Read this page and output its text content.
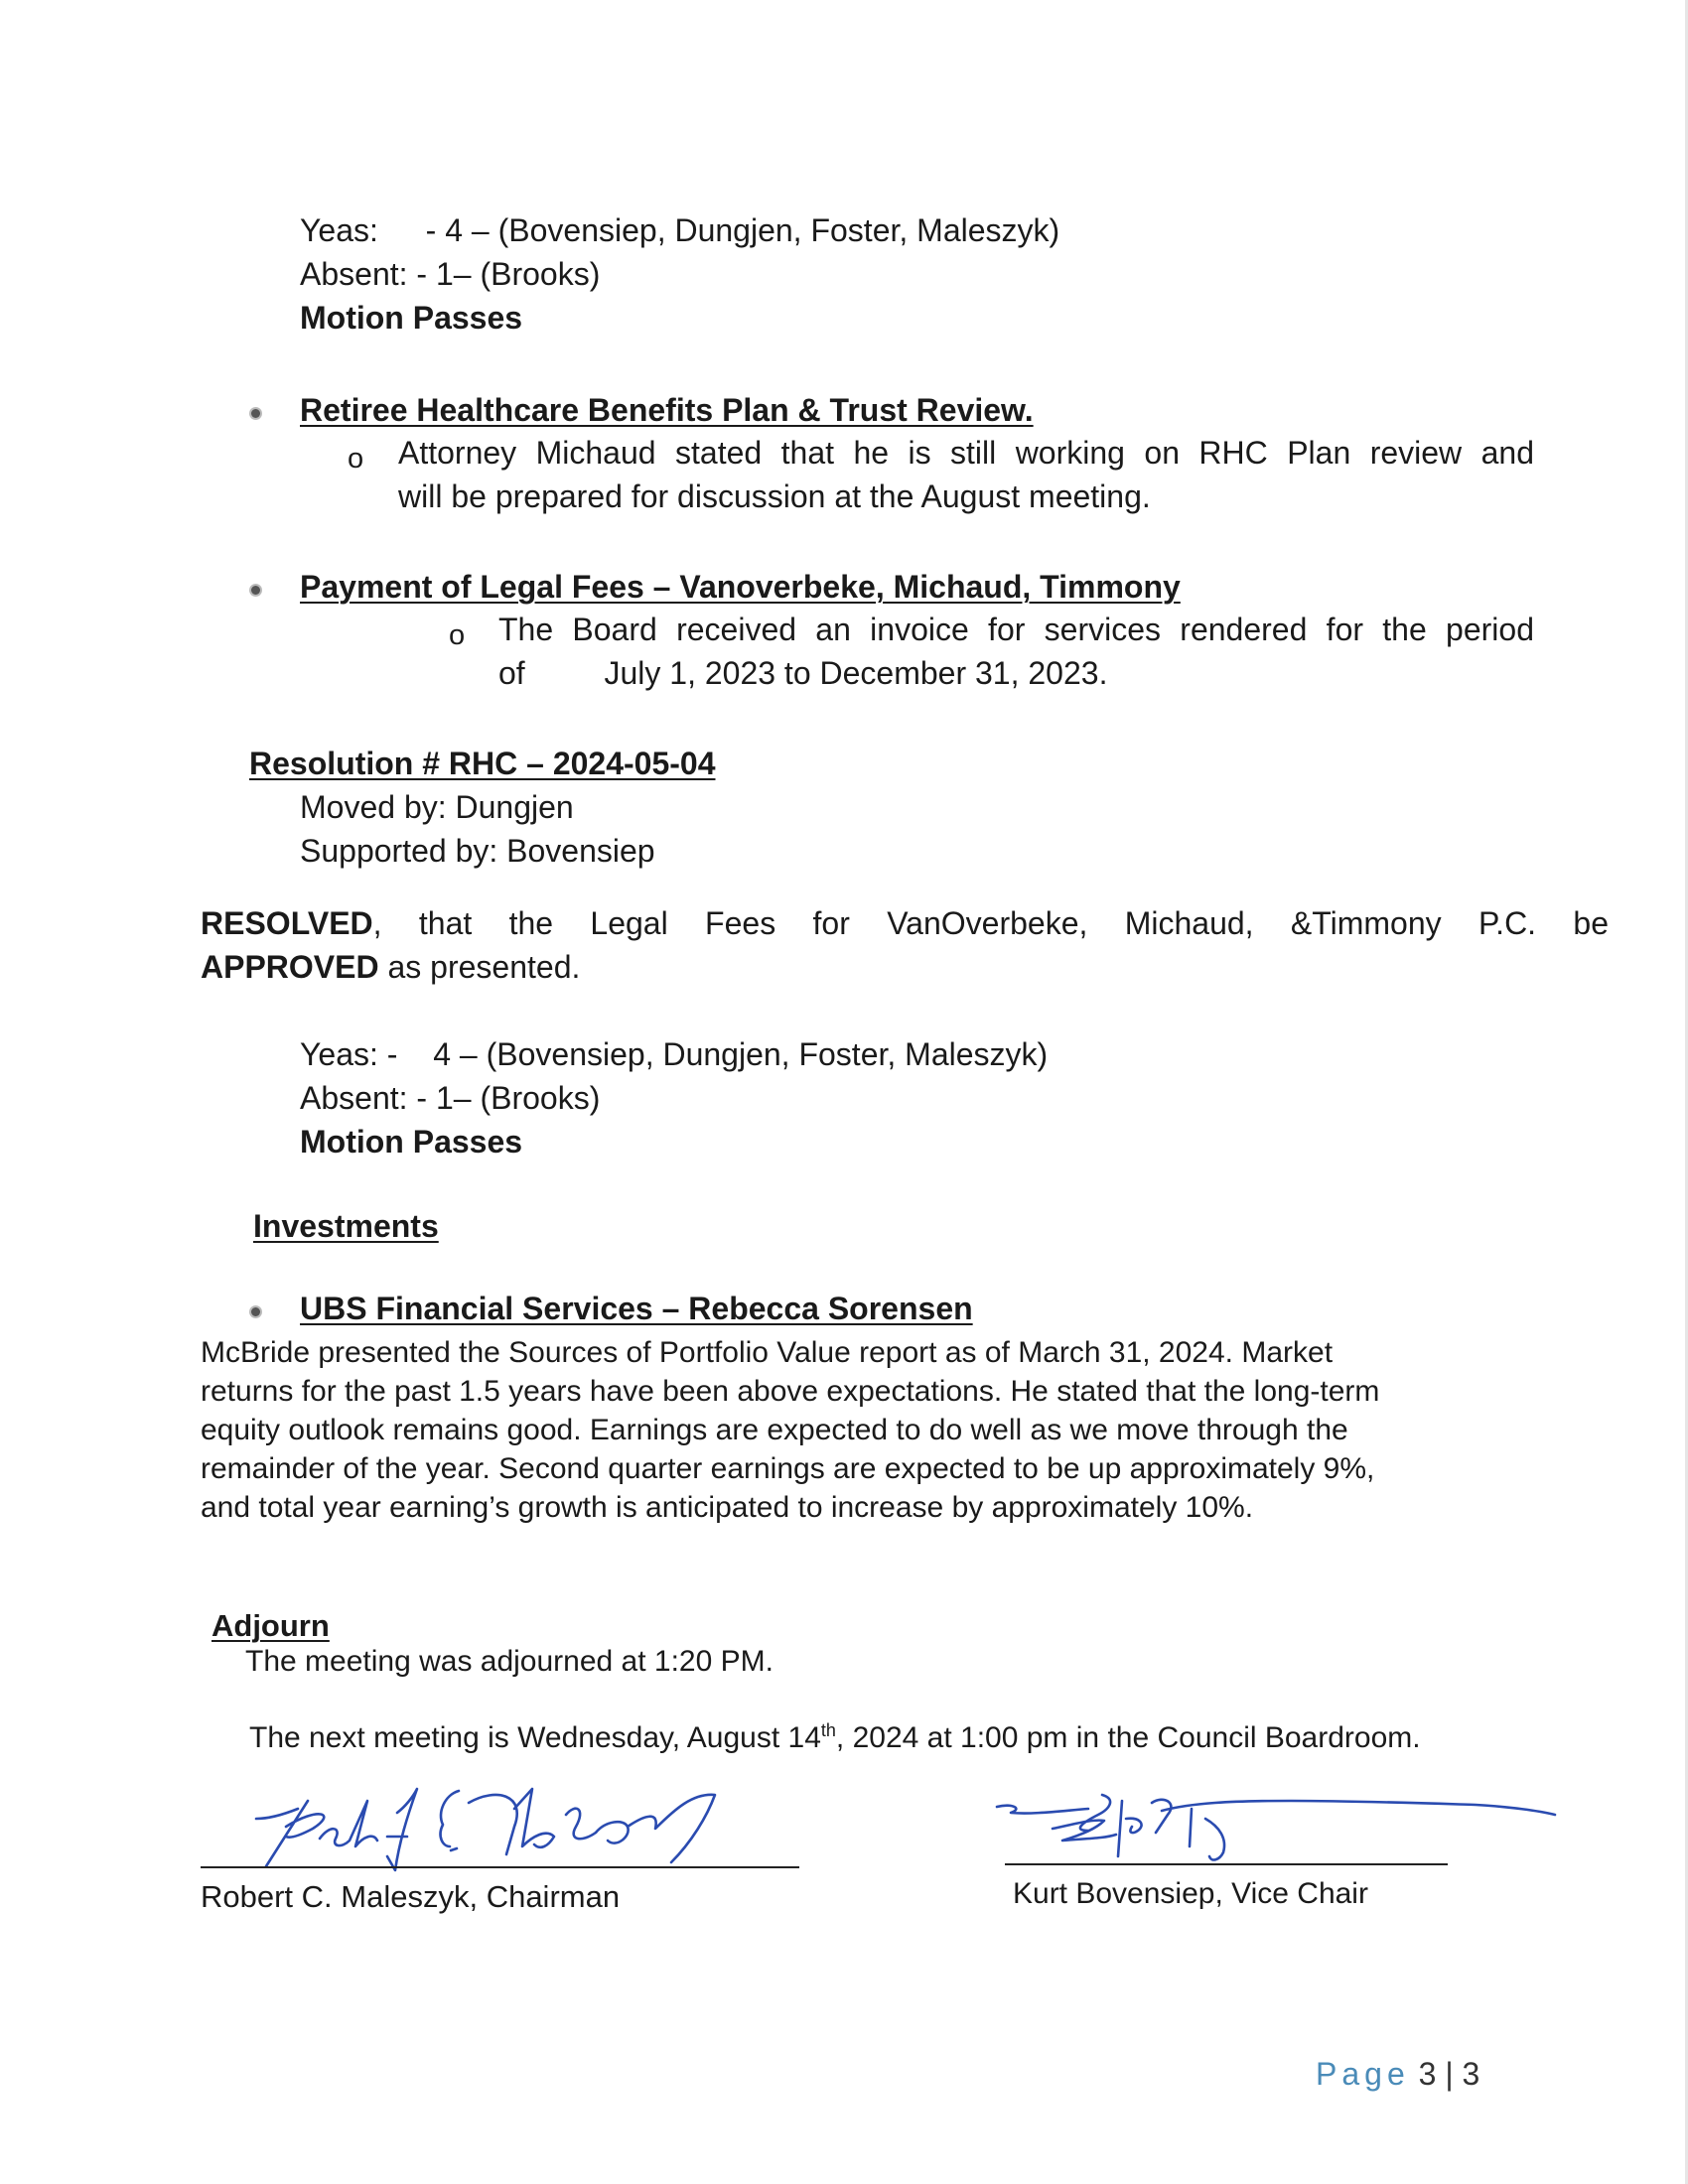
Yeas: - 4 – (Bovensiep, Dungjen, Foster, Maleszyk)
Absent: - 1– (Brooks)
Motion Passes
Retiree Healthcare Benefits Plan & Trust Review.
o Attorney Michaud stated that he is still working on RHC Plan review and
will be prepared for discussion at the August meeting.
Payment of Legal Fees – Vanoverbeke, Michaud, Timmony
o The Board received an invoice for services rendered for the period
of July 1, 2023 to December 31, 2023.
Resolution # RHC – 2024-05-04
Moved by: Dungjen
Supported by: Bovensiep
RESOLVED, that the Legal Fees for VanOverbeke, Michaud, &Timmony P.C. be
APPROVED as presented.
Yeas: - 4 – (Bovensiep, Dungjen, Foster, Maleszyk)
Absent: - 1– (Brooks)
Motion Passes
Investments
UBS Financial Services – Rebecca Sorensen
McBride presented the Sources of Portfolio Value report as of March 31, 2024. Market
returns for the past 1.5 years have been above expectations. He stated that the long-term
equity outlook remains good. Earnings are expected to do well as we move through the
remainder of the year. Second quarter earnings are expected to be up approximately 9%,
and total year earning’s growth is anticipated to increase by approximately 10%.
Adjourn
The meeting was adjourned at 1:20 PM.
The next meeting is Wednesday, August 14th, 2024 at 1:00 pm in the Council Boardroom.
Robert C. Maleszyk, Chairman	Kurt Bovensiep, Vice Chair
Page 3 | 3
